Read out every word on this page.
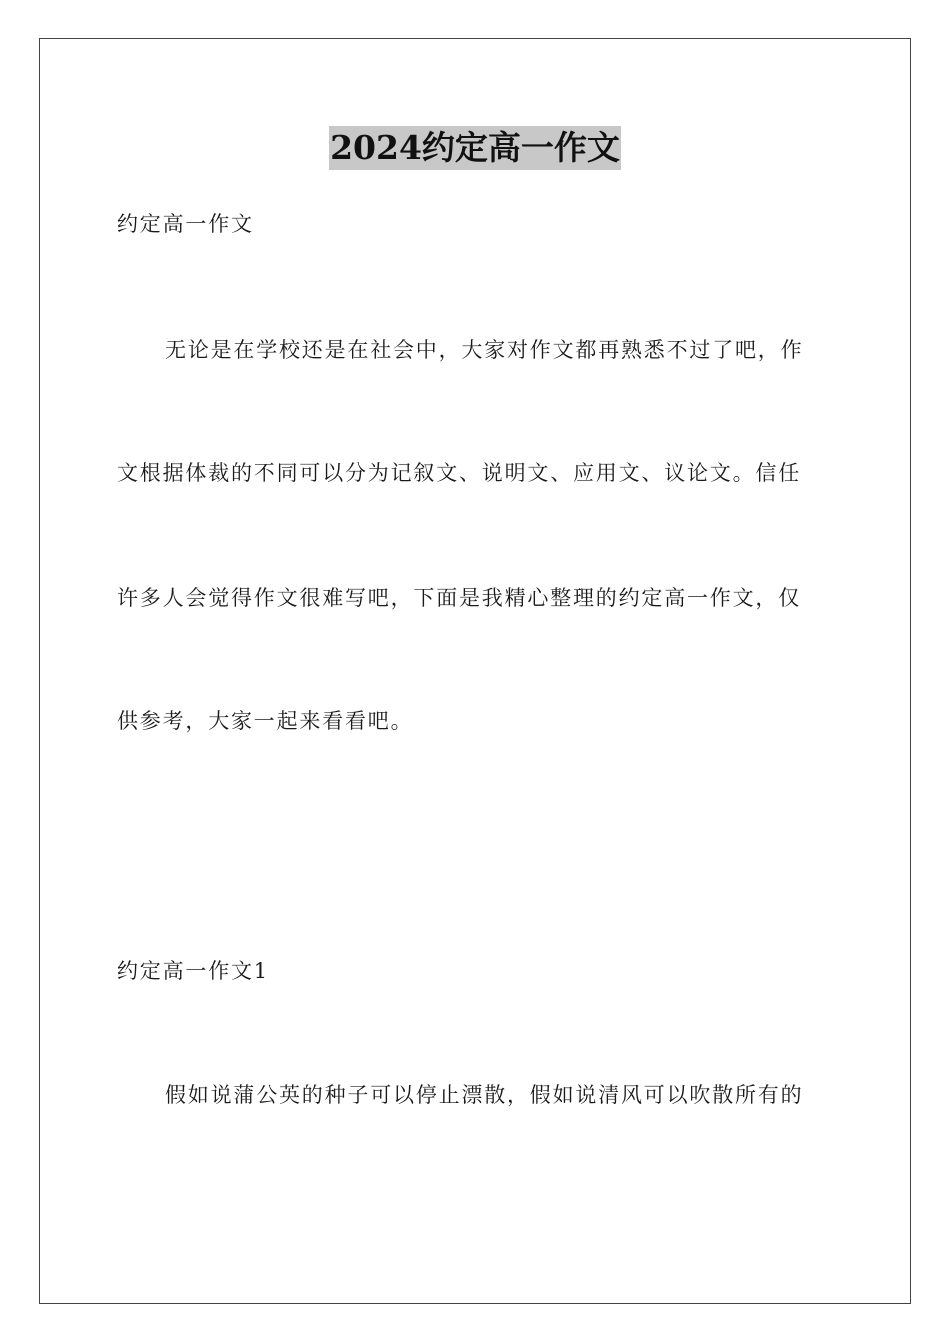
2024约定高一作文
约定高一作文
无论是在学校还是在社会中，大家对作文都再熟悉不过了吧，作
文根据体裁的不同可以分为记叙文、说明文、应用文、议论文。信任
许多人会觉得作文很难写吧，下面是我精心整理的约定高一作文，仅
供参考，大家一起来看看吧。
约定高一作文1
假如说蒲公英的种子可以停止漂散，假如说清风可以吹散所有的
